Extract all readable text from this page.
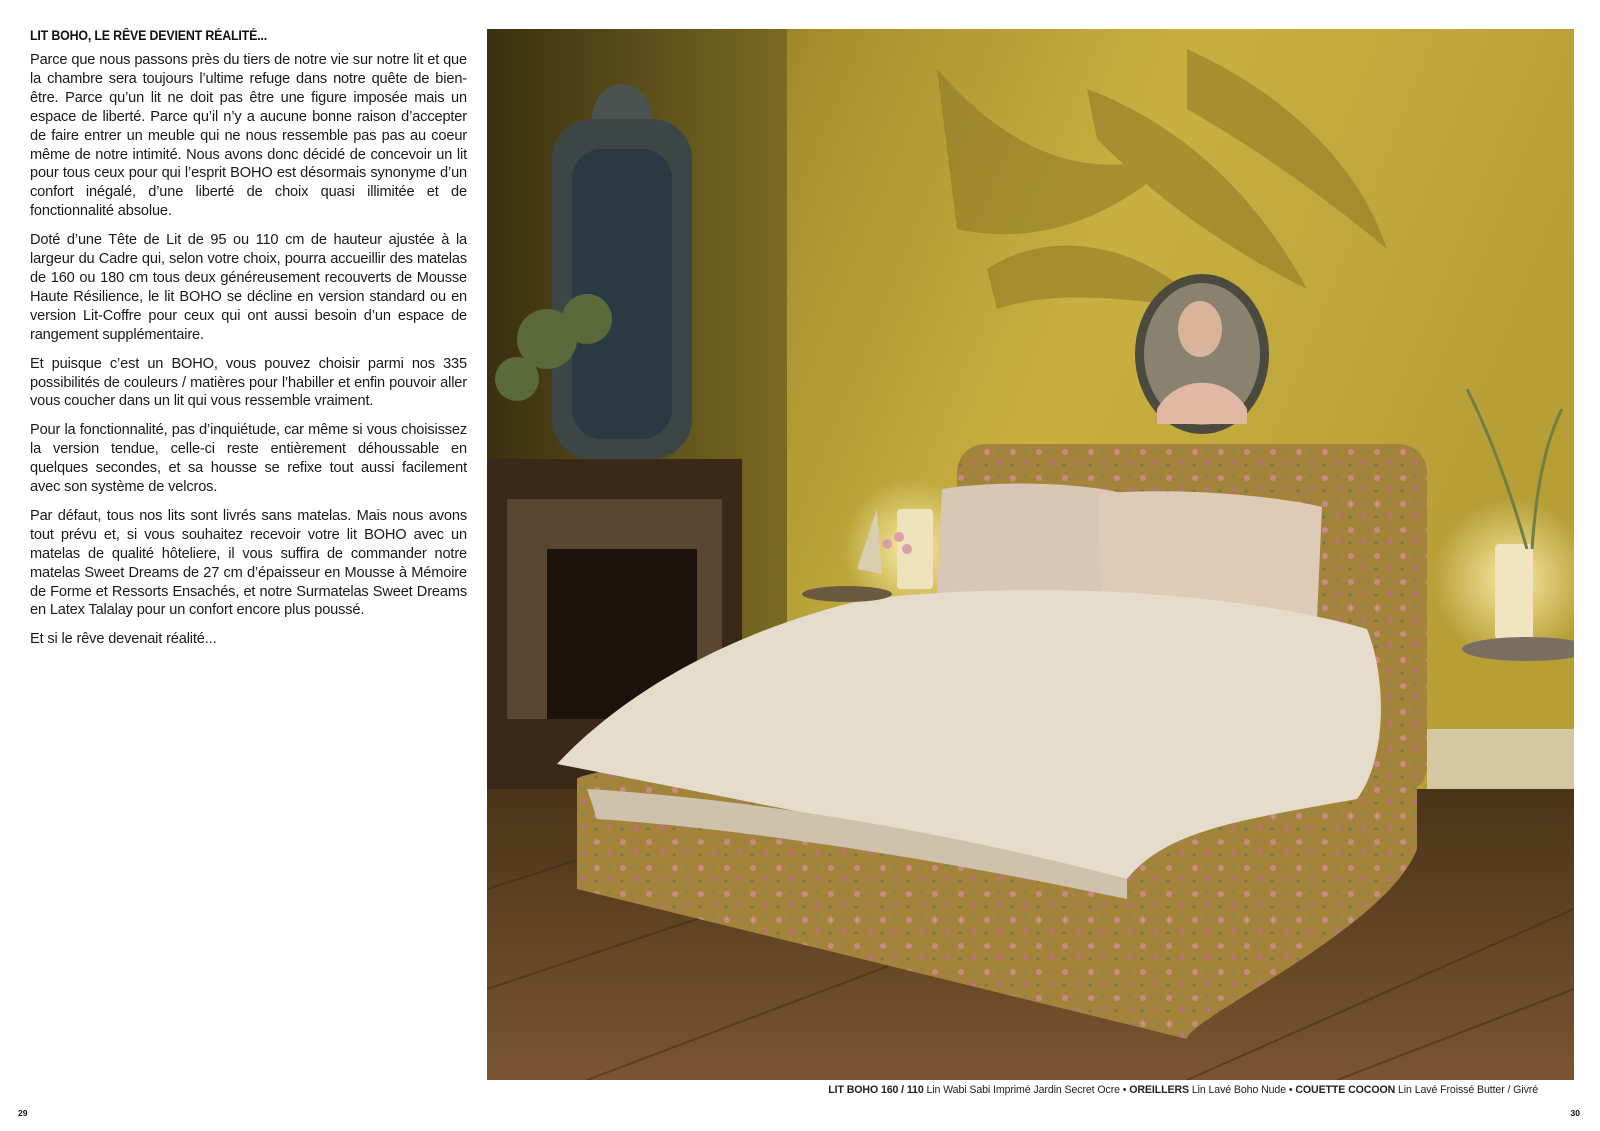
LIT BOHO, LE RÊVE DEVIENT RÉALITÉ...

Parce que nous passons près du tiers de notre vie sur notre lit et que la chambre sera toujours l’ultime refuge dans notre quête de bien-être. Parce qu’un lit ne doit pas être une figure imposée mais un espace de liberté. Parce qu’il n’y a aucune bonne raison d’accepter de faire entrer un meuble qui ne nous ressemble pas pas au coeur même de notre intimité. Nous avons donc décidé de concevoir un lit pour tous ceux pour qui l’esprit BOHO est désormais synonyme d’un confort inégalé, d’une liberté de choix quasi illimitée et de fonctionnalité absolue.

Doté d’une Tête de Lit de 95 ou 110 cm de hauteur ajustée à la largeur du Cadre qui, selon votre choix, pourra accueillir des matelas de 160 ou 180 cm tous deux généreusement recouverts de Mousse Haute Résilience, le lit BOHO se décline en version standard ou en version Lit-Coffre pour ceux qui ont aussi besoin d’un espace de rangement supplémentaire.

Et puisque c’est un BOHO, vous pouvez choisir parmi nos 335 possibilités de couleurs / matières pour l’habiller et enfin pouvoir aller vous coucher dans un lit qui vous ressemble vraiment.

Pour la fonctionnalité, pas d’inquiétude, car même si vous choisissez la version tendue, celle-ci reste entièrement déhoussable en quelques secondes, et sa housse se refixe tout aussi facilement avec son système de velcros.

Par défaut, tous nos lits sont livrés sans matelas. Mais nous avons tout prévu et, si vous souhaitez recevoir votre lit BOHO avec un matelas de qualité hôteliere, il vous suffira de commander notre matelas Sweet Dreams de 27 cm d’épaisseur en Mousse à Mémoire de Forme et Ressorts Ensachés, et notre Surmatelas Sweet Dreams en Latex Talalay pour un confort encore plus poussé.

Et si le rêve devenait réalité...

LIT BOHO 160 / 110 Lin Wabi Sabi Imprimé Jardin Secret Ocre • OREILLERS Lin Lavé Boho Nude • COUETTE COCOON Lin Lavé Froissé Butter / Givré
29	30
